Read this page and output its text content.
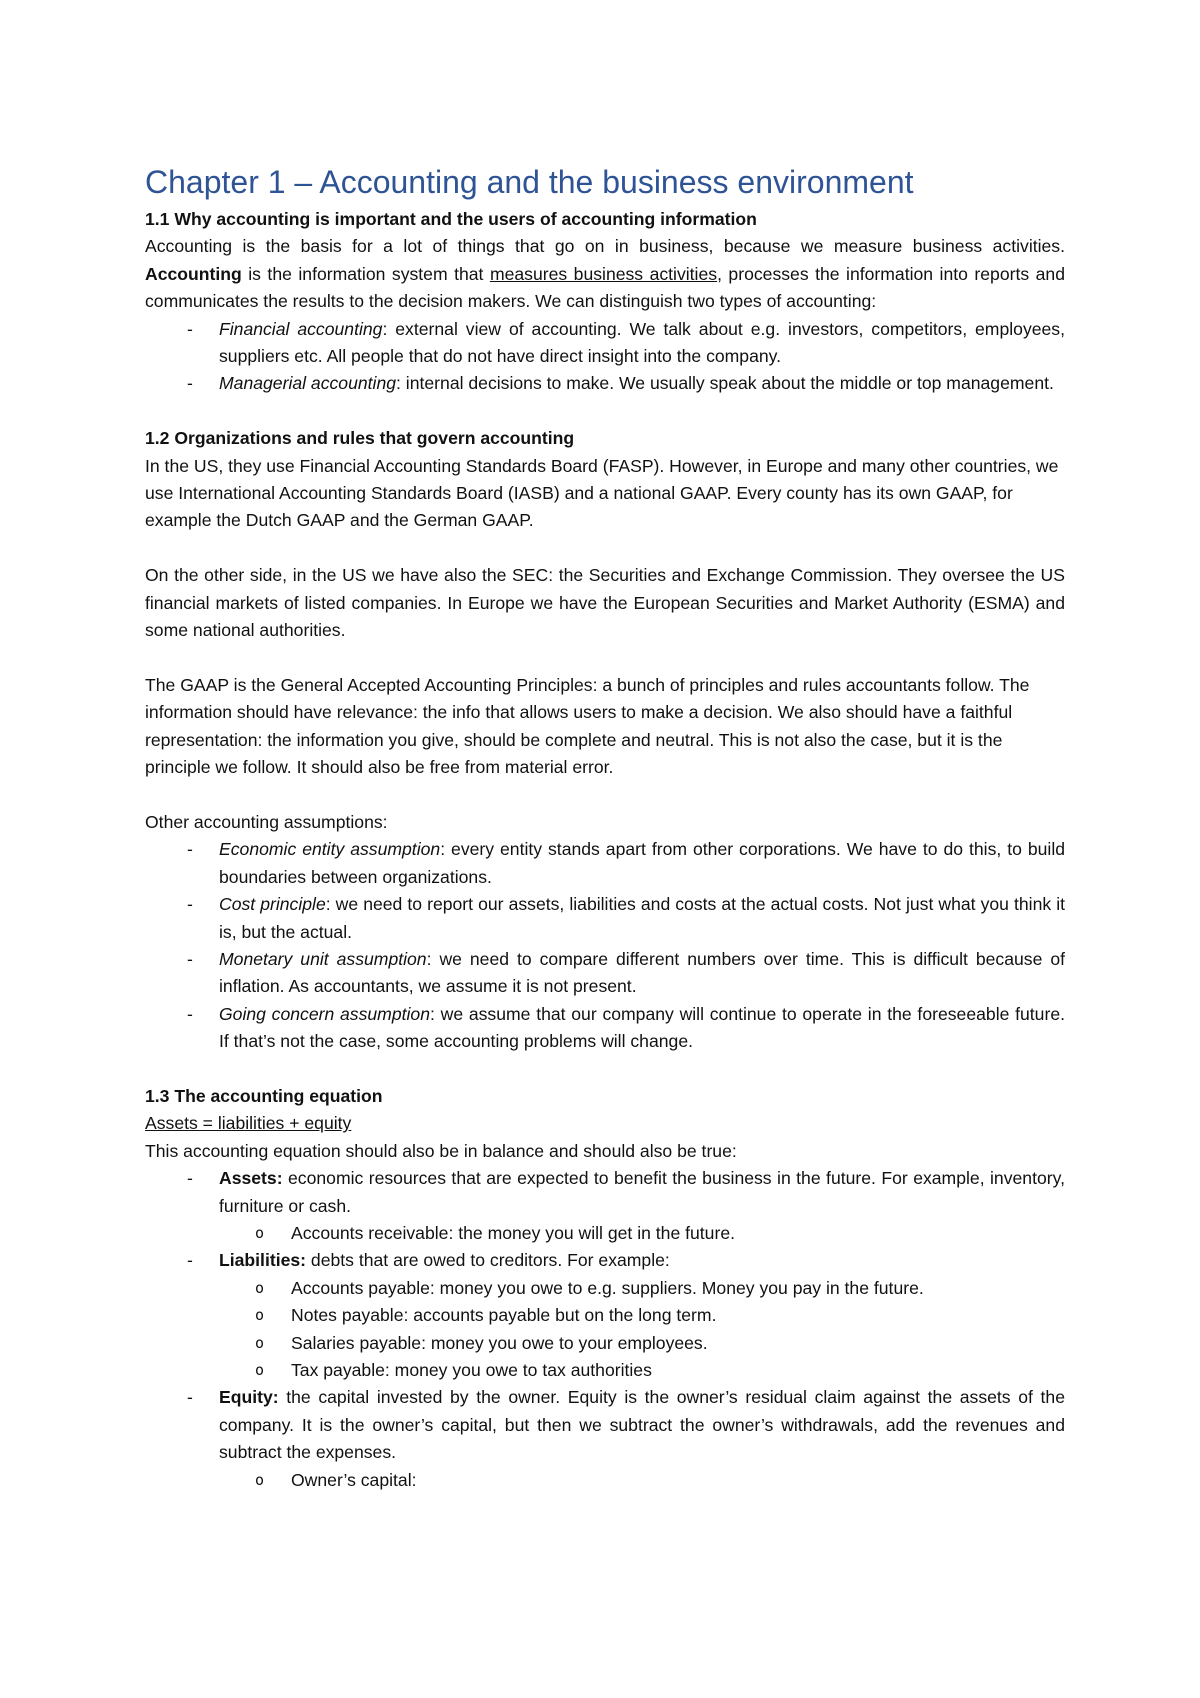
Chapter 1 – Accounting and the business environment

1.1 Why accounting is important and the users of accounting information

Accounting is the basis for a lot of things that go on in business, because we measure business activities. Accounting is the information system that measures business activities, processes the information into reports and communicates the results to the decision makers. We can distinguish two types of accounting:

- Financial accounting: external view of accounting. We talk about e.g. investors, competitors, employees, suppliers etc. All people that do not have direct insight into the company.
- Managerial accounting: internal decisions to make. We usually speak about the middle or top management.

1.2 Organizations and rules that govern accounting

In the US, they use Financial Accounting Standards Board (FASP). However, in Europe and many other countries, we use International Accounting Standards Board (IASB) and a national GAAP. Every county has its own GAAP, for example the Dutch GAAP and the German GAAP.

On the other side, in the US we have also the SEC: the Securities and Exchange Commission. They oversee the US financial markets of listed companies. In Europe we have the European Securities and Market Authority (ESMA) and some national authorities.

The GAAP is the General Accepted Accounting Principles: a bunch of principles and rules accountants follow. The information should have relevance: the info that allows users to make a decision. We also should have a faithful representation: the information you give, should be complete and neutral. This is not also the case, but it is the principle we follow. It should also be free from material error.

Other accounting assumptions:

- Economic entity assumption: every entity stands apart from other corporations. We have to do this, to build boundaries between organizations.
- Cost principle: we need to report our assets, liabilities and costs at the actual costs. Not just what you think it is, but the actual.
- Monetary unit assumption: we need to compare different numbers over time. This is difficult because of inflation. As accountants, we assume it is not present.
- Going concern assumption: we assume that our company will continue to operate in the foreseeable future. If that’s not the case, some accounting problems will change.

1.3 The accounting equation

Assets = liabilities + equity

This accounting equation should also be in balance and should also be true:

- Assets: economic resources that are expected to benefit the business in the future. For example, inventory, furniture or cash.
o Accounts receivable: the money you will get in the future.
- Liabilities: debts that are owed to creditors. For example:
o Accounts payable: money you owe to e.g. suppliers. Money you pay in the future.
o Notes payable: accounts payable but on the long term.
o Salaries payable: money you owe to your employees.
o Tax payable: money you owe to tax authorities
- Equity: the capital invested by the owner. Equity is the owner’s residual claim against the assets of the company. It is the owner’s capital, but then we subtract the owner’s withdrawals, add the revenues and subtract the expenses.
o Owner’s capital:
